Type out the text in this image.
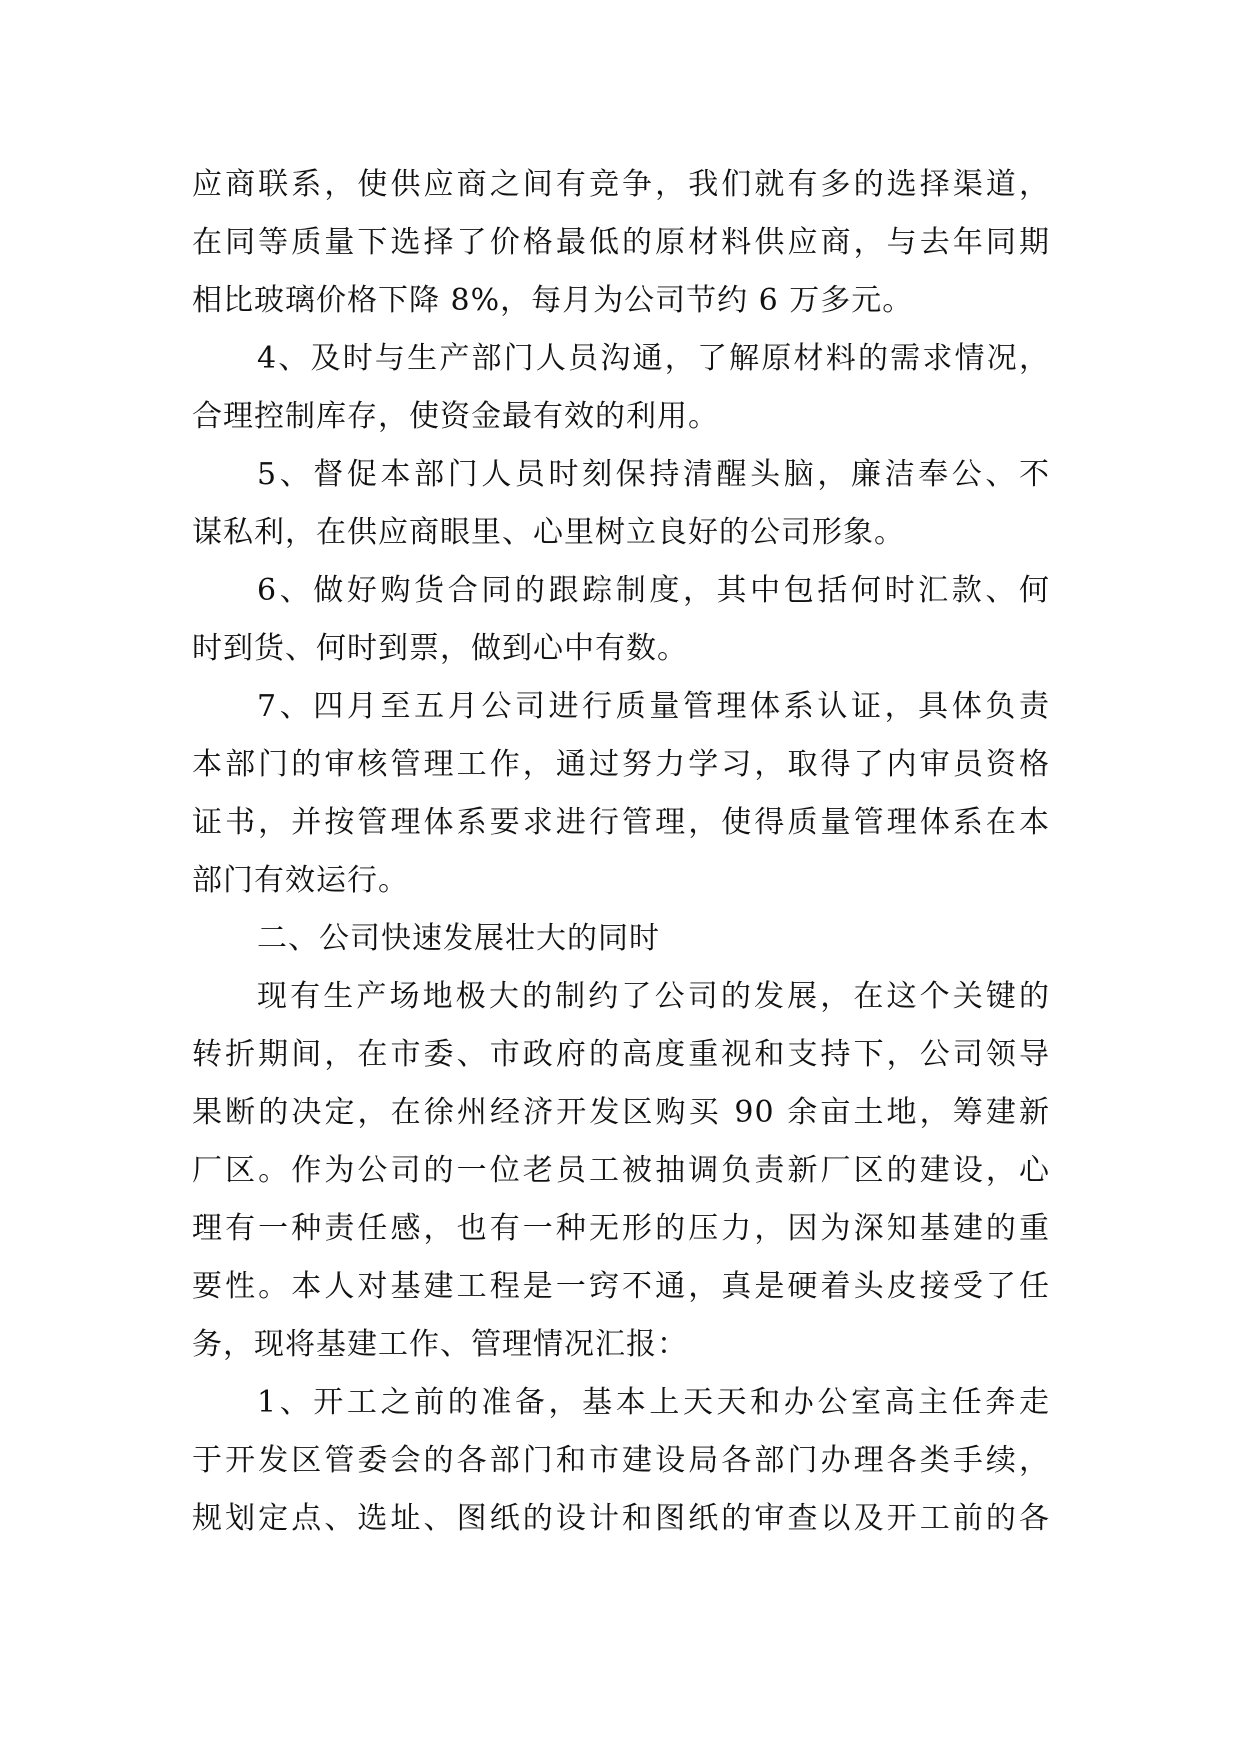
应商联系，使供应商之间有竞争，我们就有多的选择渠道，
在同等质量下选择了价格最低的原材料供应商，与去年同期
相比玻璃价格下降 8%，每月为公司节约 6 万多元。
4、及时与生产部门人员沟通，了解原材料的需求情况，
合理控制库存，使资金最有效的利用。
5、督促本部门人员时刻保持清醒头脑，廉洁奉公、不
谋私利，在供应商眼里、心里树立良好的公司形象。
6、做好购货合同的跟踪制度，其中包括何时汇款、何
时到货、何时到票，做到心中有数。
7、四月至五月公司进行质量管理体系认证，具体负责
本部门的审核管理工作，通过努力学习，取得了内审员资格
证书，并按管理体系要求进行管理，使得质量管理体系在本
部门有效运行。
二、公司快速发展壮大的同时
现有生产场地极大的制约了公司的发展，在这个关键的
转折期间，在市委、市政府的高度重视和支持下，公司领导
果断的决定，在徐州经济开发区购买 90 余亩土地，筹建新
厂区。作为公司的一位老员工被抽调负责新厂区的建设，心
理有一种责任感，也有一种无形的压力，因为深知基建的重
要性。本人对基建工程是一窍不通，真是硬着头皮接受了任
务，现将基建工作、管理情况汇报：
1、开工之前的准备，基本上天天和办公室高主任奔走
于开发区管委会的各部门和市建设局各部门办理各类手续，
规划定点、选址、图纸的设计和图纸的审查以及开工前的各
